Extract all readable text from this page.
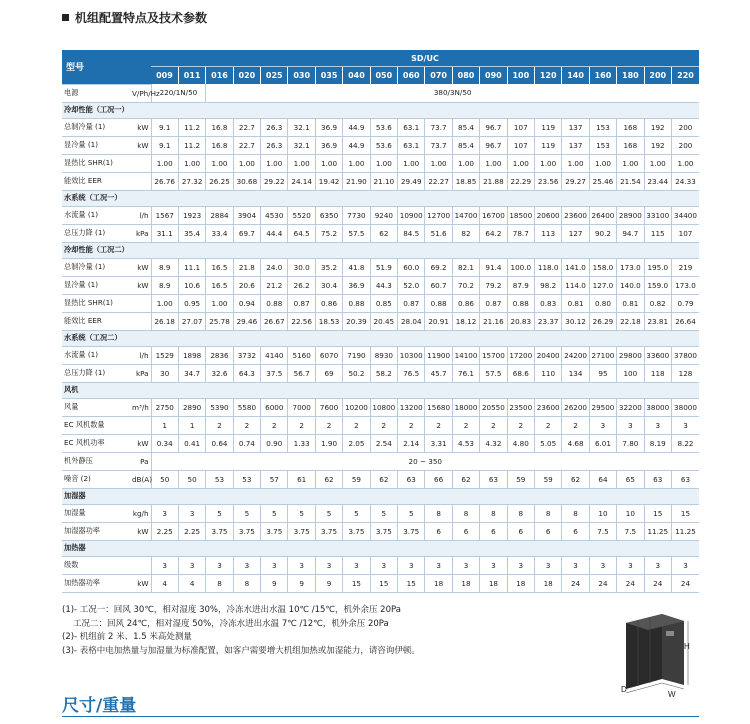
机组配置特点及技术参数
型号		SD/UC																			
		009	011	016	020	025	030	035	040	050	060	070	080	090	100	120	140	160	180	200	220
电源	V/Ph/Hz	220/1N/50		380/3N/50																	
冷却性能（工况一）																					
总制冷量 (1)	kW	9.1	11.2	16.8	22.7	26.3	32.1	36.9	44.9	53.6	63.1	73.7	85.4	96.7	107	119	137	153	168	192	200
显冷量 (1)	kW	9.1	11.2	16.8	22.7	26.3	32.1	36.9	44.9	53.6	63.1	73.7	85.4	96.7	107	119	137	153	168	192	200
显热比 SHR(1)		1.00	1.00	1.00	1.00	1.00	1.00	1.00	1.00	1.00	1.00	1.00	1.00	1.00	1.00	1.00	1.00	1.00	1.00	1.00	1.00
能效比 EER		26.76	27.32	26.25	30.68	29.22	24.14	19.42	21.90	21.10	29.49	22.27	18.85	21.88	22.29	23.56	29.27	25.46	21.54	23.44	24.33
水系统（工况一）																					
水流量 (1)	l/h	1567	1923	2884	3904	4530	5520	6350	7730	9240	10900	12700	14700	16700	18500	20600	23600	26400	28900	33100	34400
总压力降 (1)	kPa	31.1	35.4	33.4	69.7	44.4	64.5	75.2	57.5	62	84.5	51.6	82	64.2	78.7	113	127	90.2	94.7	115	107
冷却性能（工况二）																					
总制冷量 (1)	kW	8.9	11.1	16.5	21.8	24.0	30.0	35.2	41.8	51.9	60.0	69.2	82.1	91.4	100.0	118.0	141.0	158.0	173.0	195.0	219
显冷量 (1)	kW	8.9	10.6	16.5	20.6	21.2	26.2	30.4	36.9	44.3	52.0	60.7	70.2	79.2	87.9	98.2	114.0	127.0	140.0	159.0	173.0
显热比 SHR(1)		1.00	0.95	1.00	0.94	0.88	0.87	0.86	0.88	0.85	0.87	0.88	0.86	0.87	0.88	0.83	0.81	0.80	0.81	0.82	0.79
能效比 EER		26.18	27.07	25.78	29.46	26.67	22.56	18.53	20.39	20.45	28.04	20.91	18.12	21.16	20.83	23.37	30.12	26.29	22.18	23.81	26.64
水系统（工况二）																					
水流量 (1)	l/h	1529	1898	2836	3732	4140	5160	6070	7190	8930	10300	11900	14100	15700	17200	20400	24200	27100	29800	33600	37800
总压力降 (1)	kPa	30	34.7	32.6	64.3	37.5	56.7	69	50.2	58.2	76.5	45.7	76.1	57.5	68.6	110	134	95	100	118	128
风机																					
风量	m³/h	2750	2890	5390	5580	6000	7000	7600	10200	10800	13200	15680	18000	20550	23500	23600	26200	29500	32200	38000	38000
EC 风机数量		1	1	2	2	2	2	2	2	2	2	2	2	2	2	2	2	3	3	3	3
EC 风机功率	kW	0.34	0.41	0.64	0.74	0.90	1.33	1.90	2.05	2.54	2.14	3.31	4.53	4.32	4.80	5.05	4.68	6.01	7.80	8.19	8.22
机外静压	Pa	20 ~ 350																			
噪音 (2)	dB(A)	50	50	53	53	57	61	62	59	62	63	66	62	63	59	59	62	64	65	63	63
加湿器																					
加湿量	kg/h	3	3	5	5	5	5	5	5	5	5	8	8	8	8	8	8	10	10	15	15
加湿器功率	kW	2.25	2.25	3.75	3.75	3.75	3.75	3.75	3.75	3.75	3.75	6	6	6	6	6	6	7.5	7.5	11.25	11.25
加热器																					
级数		3	3	3	3	3	3	3	3	3	3	3	3	3	3	3	3	3	3	3	3
加热器功率	kW	4	4	8	8	9	9	9	15	15	15	18	18	18	18	18	24	24	24	24	24
(1)- 工况一：回风 30℃，相对湿度 30%，冷冻水进出水温 10℃ /15℃，机外余压 20Pa
工况二：回风 24℃，相对湿度 50%，冷冻水进出水温 7℃ /12℃，机外余压 20Pa
(2)- 机组前 2 米、1.5 米高处测量
(3)- 表格中电加热量与加湿量为标准配置，如客户需要增大机组加热或加湿能力，请咨询伊顿。	H
D
W
尺寸/重量
